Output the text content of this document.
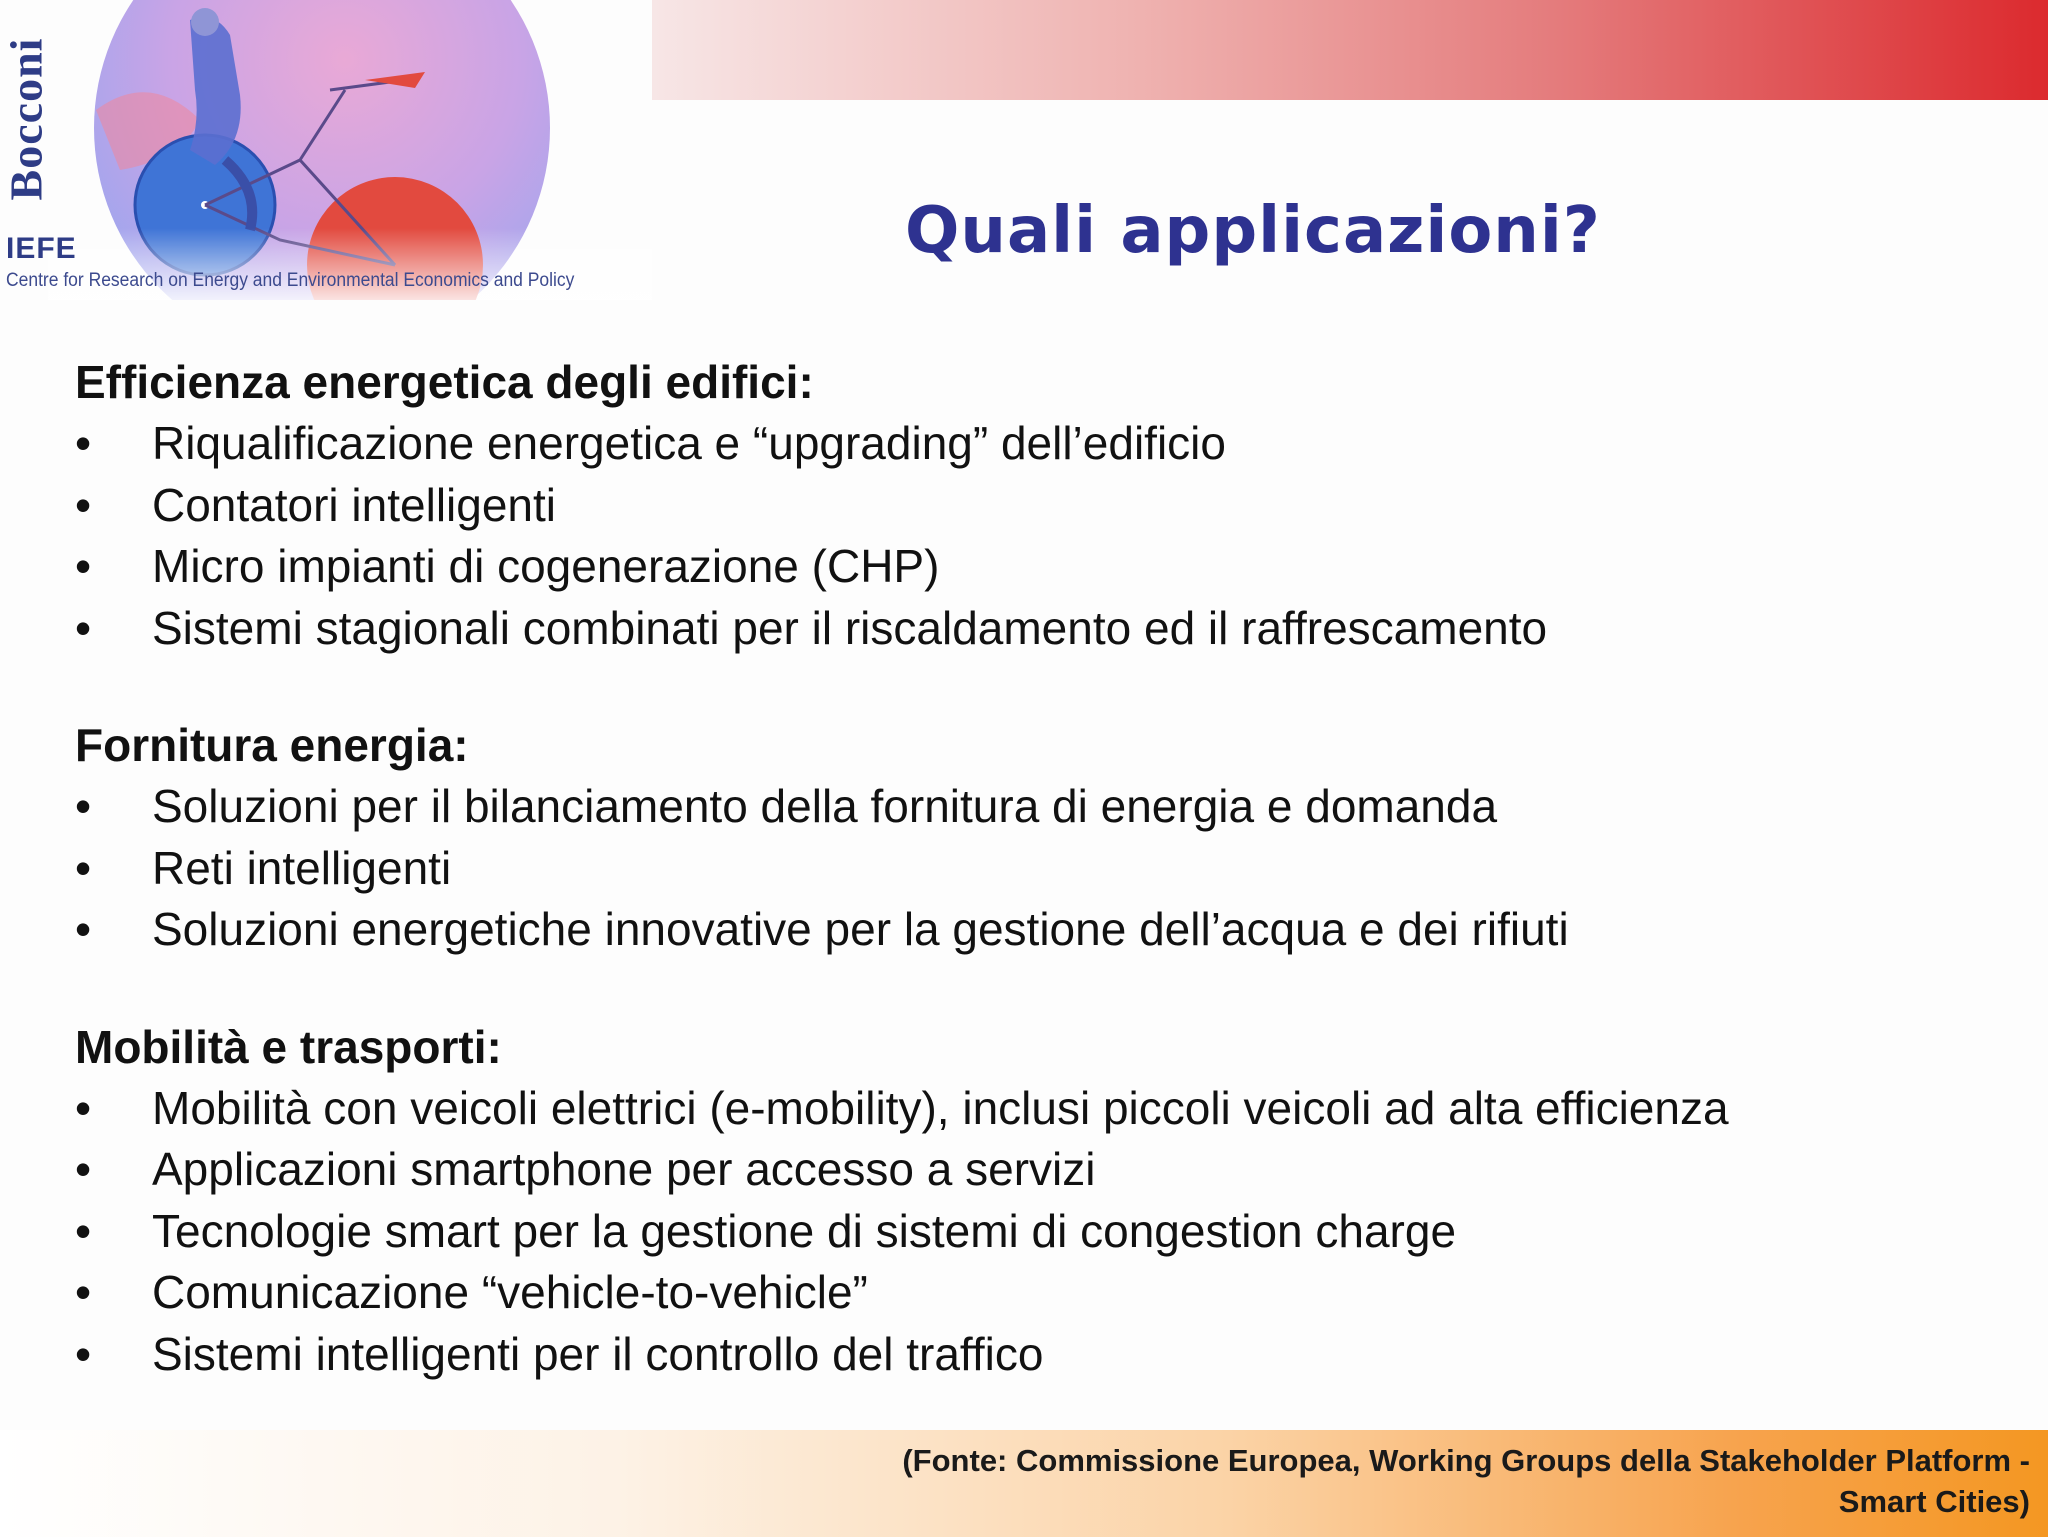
Bocconi
IEFE
Centre for Research on Energy and Environmental Economics and Policy
Quali applicazioni?
Efficienza energetica degli edifici:
• Riqualificazione energetica e “upgrading” dell’edificio
• Contatori intelligenti
• Micro impianti di cogenerazione (CHP)
• Sistemi stagionali combinati per il riscaldamento ed il raffrescamento
Fornitura energia:
• Soluzioni per il bilanciamento della fornitura di energia e domanda
• Reti intelligenti
• Soluzioni energetiche innovative per la gestione dell’acqua e dei rifiuti
Mobilità e trasporti:
• Mobilità con veicoli elettrici (e-mobility), inclusi piccoli veicoli ad alta efficienza
• Applicazioni smartphone per accesso a servizi
• Tecnologie smart per la gestione di sistemi di congestion charge
• Comunicazione “vehicle-to-vehicle”
• Sistemi intelligenti per il controllo del traffico
(Fonte: Commissione Europea, Working Groups della Stakeholder Platform -
Smart Cities)
